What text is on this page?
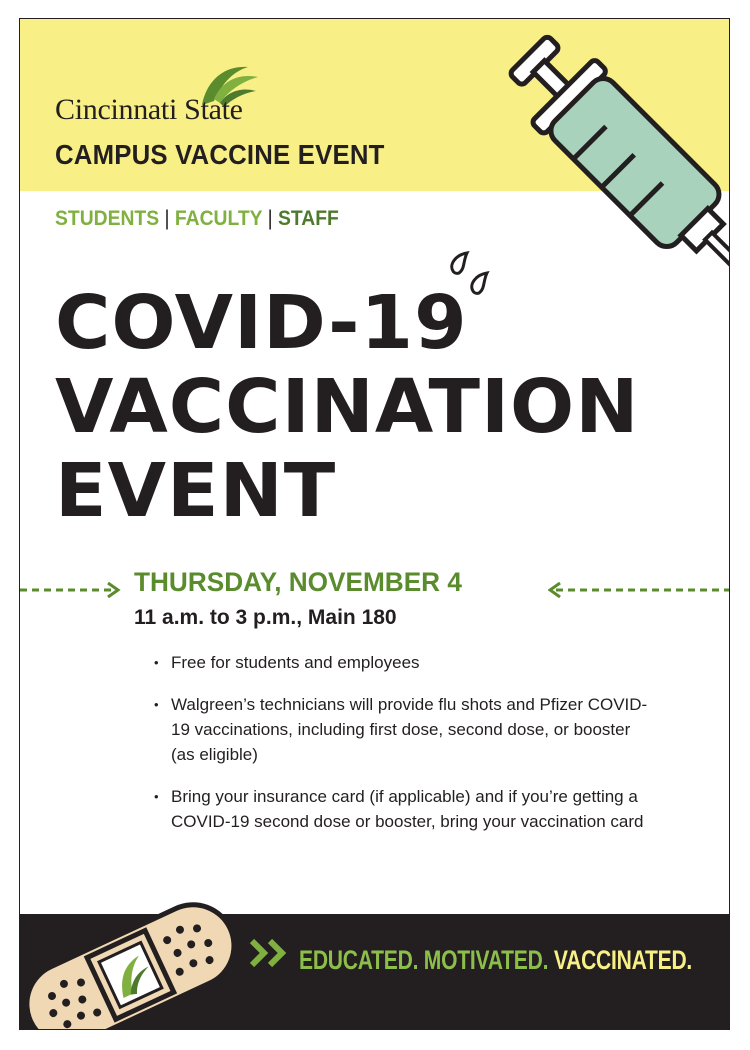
Cincinnati State
CAMPUS VACCINE EVENT
STUDENTS | FACULTY | STAFF
COVID-19
VACCINATION
EVENT
THURSDAY, NOVEMBER 4
11 a.m. to 3 p.m., Main 180
• Free for students and employees
• Walgreen’s technicians will provide flu shots and Pfizer COVID-19 vaccinations, including first dose, second dose, or booster (as eligible)
• Bring your insurance card (if applicable) and if you’re getting a COVID-19 second dose or booster, bring your vaccination card
EDUCATED. MOTIVATED. VACCINATED.
